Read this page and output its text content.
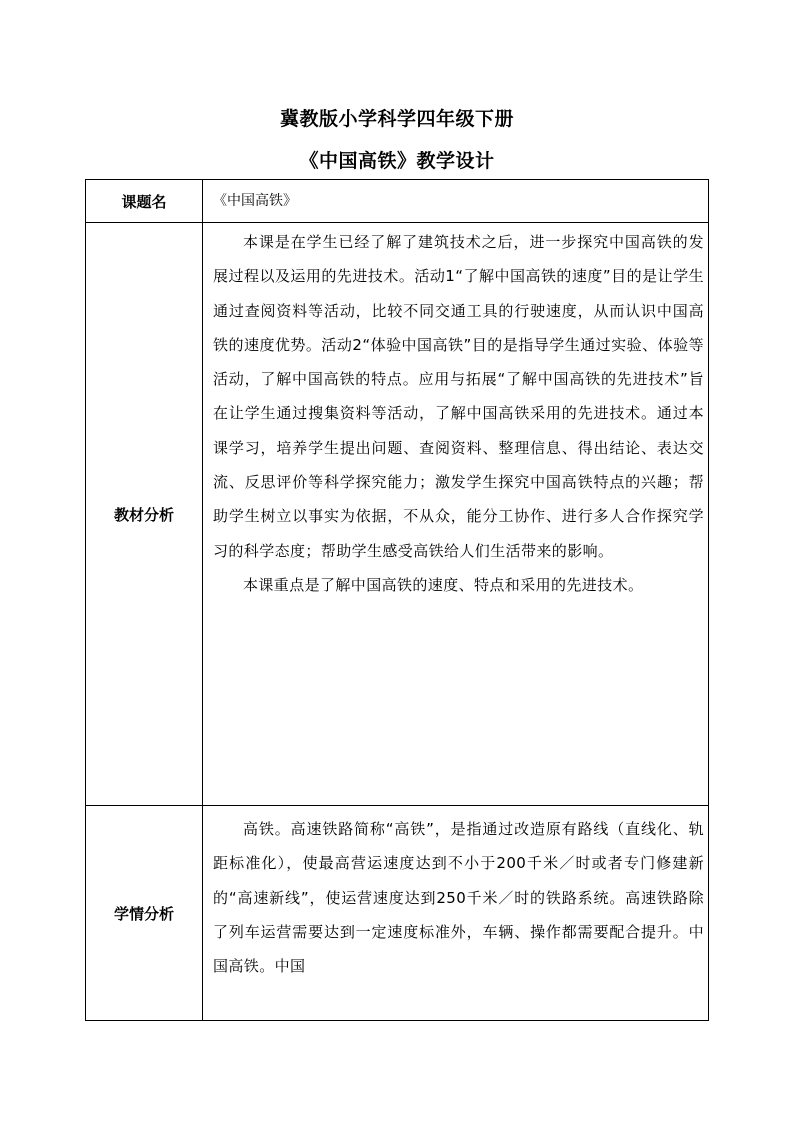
冀教版小学科学四年级下册
《中国高铁》教学设计
课题名	《中国高铁》
教材分析	本课是在学生已经了解了建筑技术之后，进一步探究中国高铁的发展过程以及运用的先进技术。活动1“了解中国高铁的速度”目的是让学生通过查阅资料等活动，比较不同交通工具的行驶速度，从而认识中国高铁的速度优势。活动2“体验中国高铁”目的是指导学生通过实验、体验等活动，了解中国高铁的特点。应用与拓展“了解中国高铁的先进技术”旨在让学生通过搜集资料等活动，了解中国高铁采用的先进技术。通过本课学习，培养学生提出问题、查阅资料、整理信息、得出结论、表达交流、反思评价等科学探究能力；激发学生探究中国高铁特点的兴趣；帮助学生树立以事实为依据，不从众，能分工协作、进行多人合作探究学习的科学态度；帮助学生感受高铁给人们生活带来的影响。

本课重点是了解中国高铁的速度、特点和采用的先进技术。

学情分析	高铁。高速铁路简称“高铁”，是指通过改造原有路线（直线化、轨距标准化），使最高营运速度达到不小于200千米／时或者专门修建新的“高速新线”，使运营速度达到250千米／时的铁路系统。高速铁路除了列车运营需要达到一定速度标准外，车辆、操作都需要配合提升。中国高铁。中国
